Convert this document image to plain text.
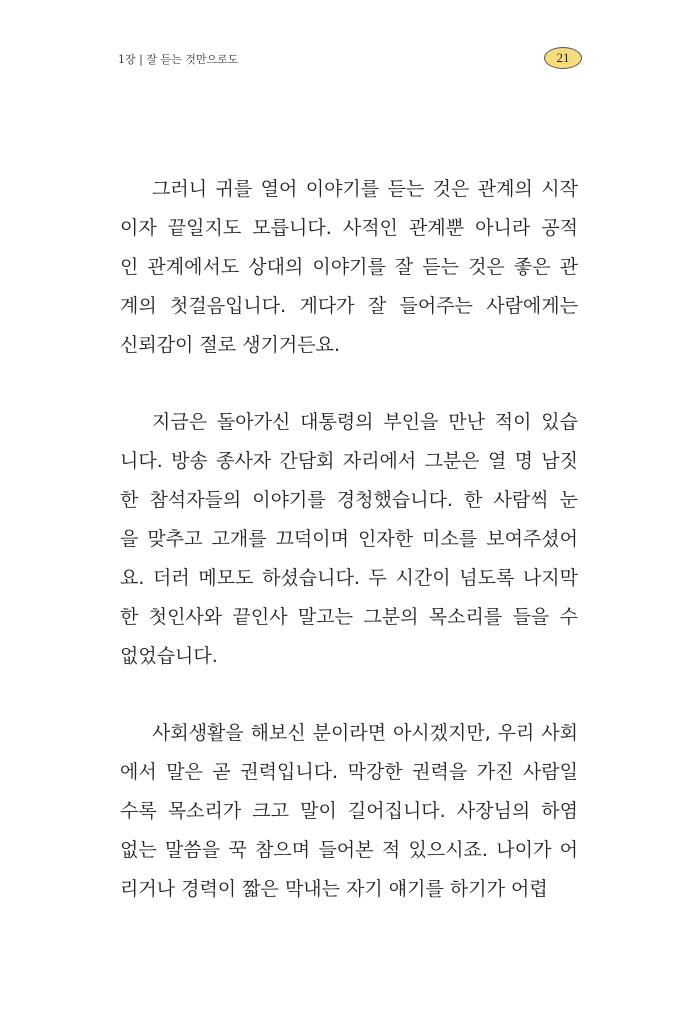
1장 | 잘 듣는 것만으로도	21
그러니 귀를 열어 이야기를 듣는 것은 관계의 시작
이자 끝일지도 모릅니다. 사적인 관계뿐 아니라 공적
인 관계에서도 상대의 이야기를 잘 듣는 것은 좋은 관
계의 첫걸음입니다. 게다가 잘 들어주는 사람에게는
신뢰감이 절로 생기거든요.
지금은 돌아가신 대통령의 부인을 만난 적이 있습
니다. 방송 종사자 간담회 자리에서 그분은 열 명 남짓
한 참석자들의 이야기를 경청했습니다. 한 사람씩 눈
을 맞추고 고개를 끄덕이며 인자한 미소를 보여주셨어
요. 더러 메모도 하셨습니다. 두 시간이 넘도록 나지막
한 첫인사와 끝인사 말고는 그분의 목소리를 들을 수
없었습니다.
사회생활을 해보신 분이라면 아시겠지만, 우리 사회
에서 말은 곧 권력입니다. 막강한 권력을 가진 사람일
수록 목소리가 크고 말이 길어집니다. 사장님의 하염
없는 말씀을 꾹 참으며 들어본 적 있으시죠. 나이가 어
리거나 경력이 짧은 막내는 자기 얘기를 하기가 어렵
